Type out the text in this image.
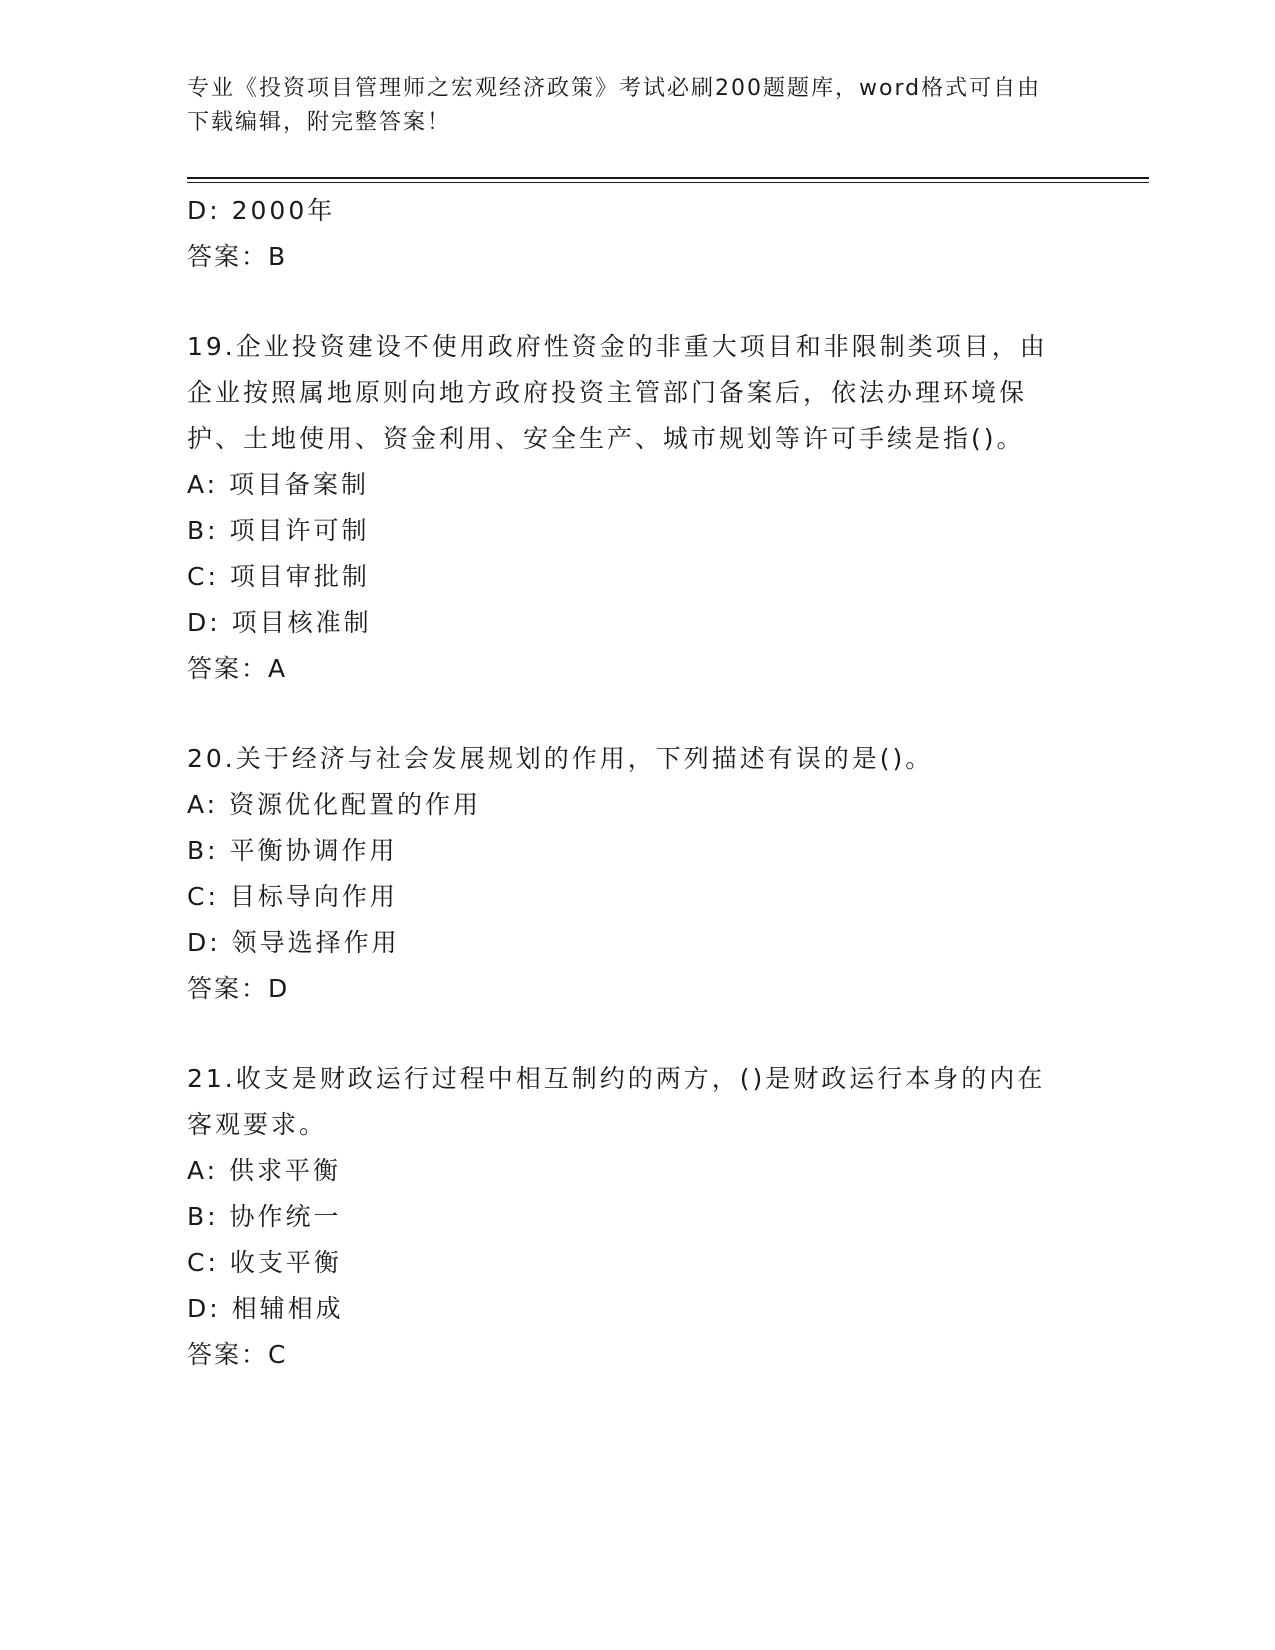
专业《投资项目管理师之宏观经济政策》考试必刷200题题库，word格式可自由
下载编辑，附完整答案！
D: 2000年
答案：B
19.企业投资建设不使用政府性资金的非重大项目和非限制类项目，由
企业按照属地原则向地方政府投资主管部门备案后，依法办理环境保
护、土地使用、资金利用、安全生产、城市规划等许可手续是指()。
A: 项目备案制
B: 项目许可制
C: 项目审批制
D: 项目核准制
答案：A
20.关于经济与社会发展规划的作用，下列描述有误的是()。
A: 资源优化配置的作用
B: 平衡协调作用
C: 目标导向作用
D: 领导选择作用
答案：D
21.收支是财政运行过程中相互制约的两方，()是财政运行本身的内在
客观要求。
A: 供求平衡
B: 协作统一
C: 收支平衡
D: 相辅相成
答案：C
